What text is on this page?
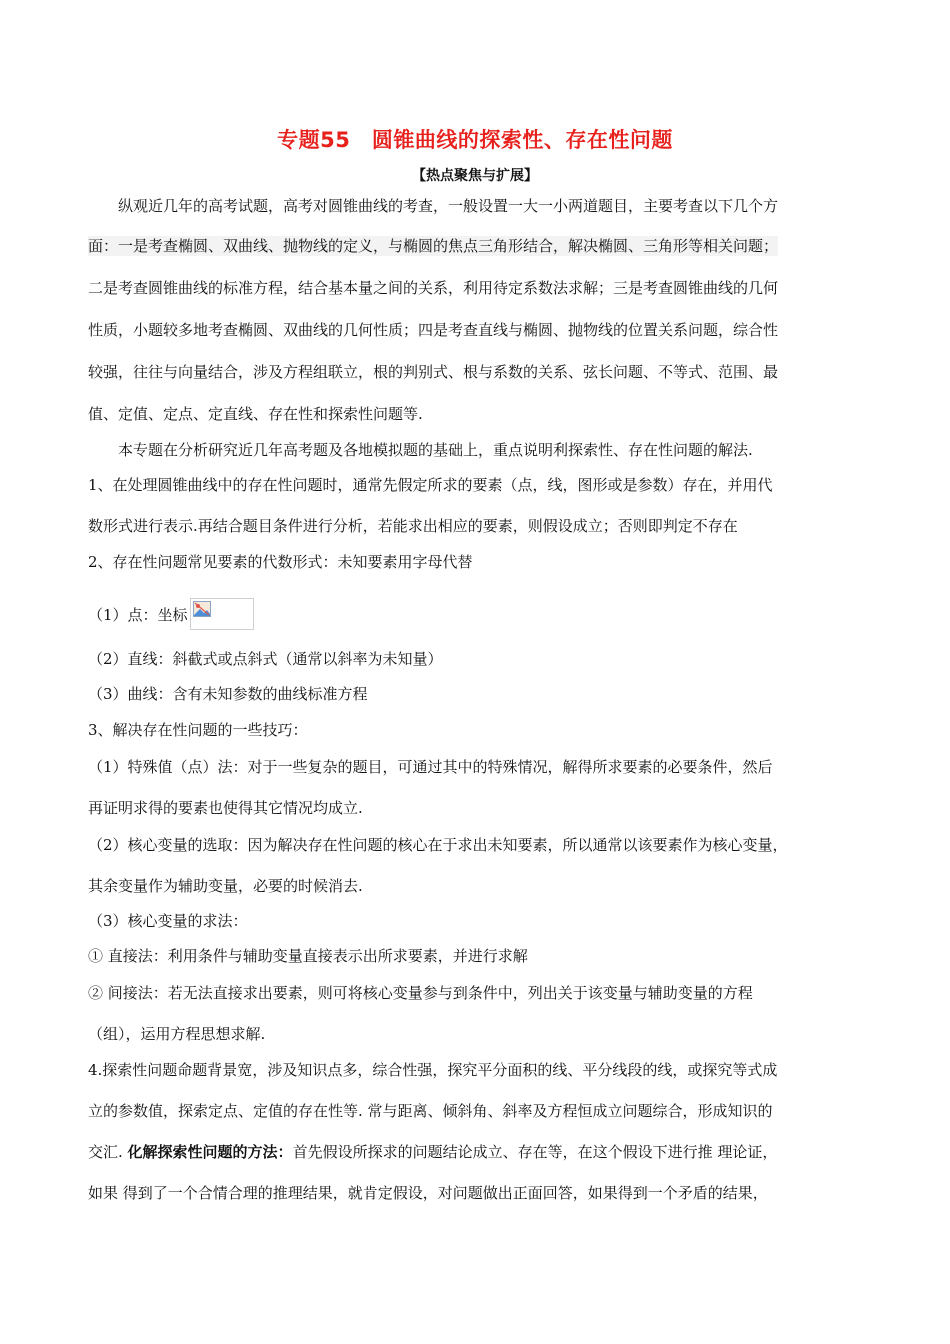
专题55　圆锥曲线的探索性、存在性问题
【热点聚焦与扩展】
纵观近几年的高考试题，高考对圆锥曲线的考查，一般设置一大一小两道题目，主要考查以下几个方
面：一是考查椭圆、双曲线、抛物线的定义，与椭圆的焦点三角形结合，解决椭圆、三角形等相关问题；
二是考查圆锥曲线的标准方程，结合基本量之间的关系，利用待定系数法求解；三是考查圆锥曲线的几何
性质，小题较多地考查椭圆、双曲线的几何性质；四是考查直线与椭圆、抛物线的位置关系问题，综合性
较强，往往与向量结合，涉及方程组联立，根的判别式、根与系数的关系、弦长问题、不等式、范围、最
值、定值、定点、定直线、存在性和探索性问题等.
本专题在分析研究近几年高考题及各地模拟题的基础上，重点说明利探索性、存在性问题的解法.
1、在处理圆锥曲线中的存在性问题时，通常先假定所求的要素（点，线，图形或是参数）存在，并用代
数形式进行表示.再结合题目条件进行分析，若能求出相应的要素，则假设成立；否则即判定不存在
2、存在性问题常见要素的代数形式：未知要素用字母代替
（1）点：坐标
（2）直线：斜截式或点斜式（通常以斜率为未知量）
（3）曲线：含有未知参数的曲线标准方程
3、解决存在性问题的一些技巧：
（1）特殊值（点）法：对于一些复杂的题目，可通过其中的特殊情况，解得所求要素的必要条件，然后
再证明求得的要素也使得其它情况均成立.
（2）核心变量的选取：因为解决存在性问题的核心在于求出未知要素，所以通常以该要素作为核心变量，
其余变量作为辅助变量，必要的时候消去.
（3）核心变量的求法：
① 直接法：利用条件与辅助变量直接表示出所求要素，并进行求解
② 间接法：若无法直接求出要素，则可将核心变量参与到条件中，列出关于该变量与辅助变量的方程
（组），运用方程思想求解.
4.探索性问题命题背景宽，涉及知识点多，综合性强，探究平分面积的线、平分线段的线，或探究等式成
立的参数值，探索定点、定值的存在性等. 常与距离、倾斜角、斜率及方程恒成立问题综合，形成知识的
交汇. 化解探索性问题的方法：首先假设所探求的问题结论成立、存在等，在这个假设下进行推 理论证，
如果 得到了一个合情合理的推理结果，就肯定假设，对问题做出正面回答，如果得到一个矛盾的结果，
